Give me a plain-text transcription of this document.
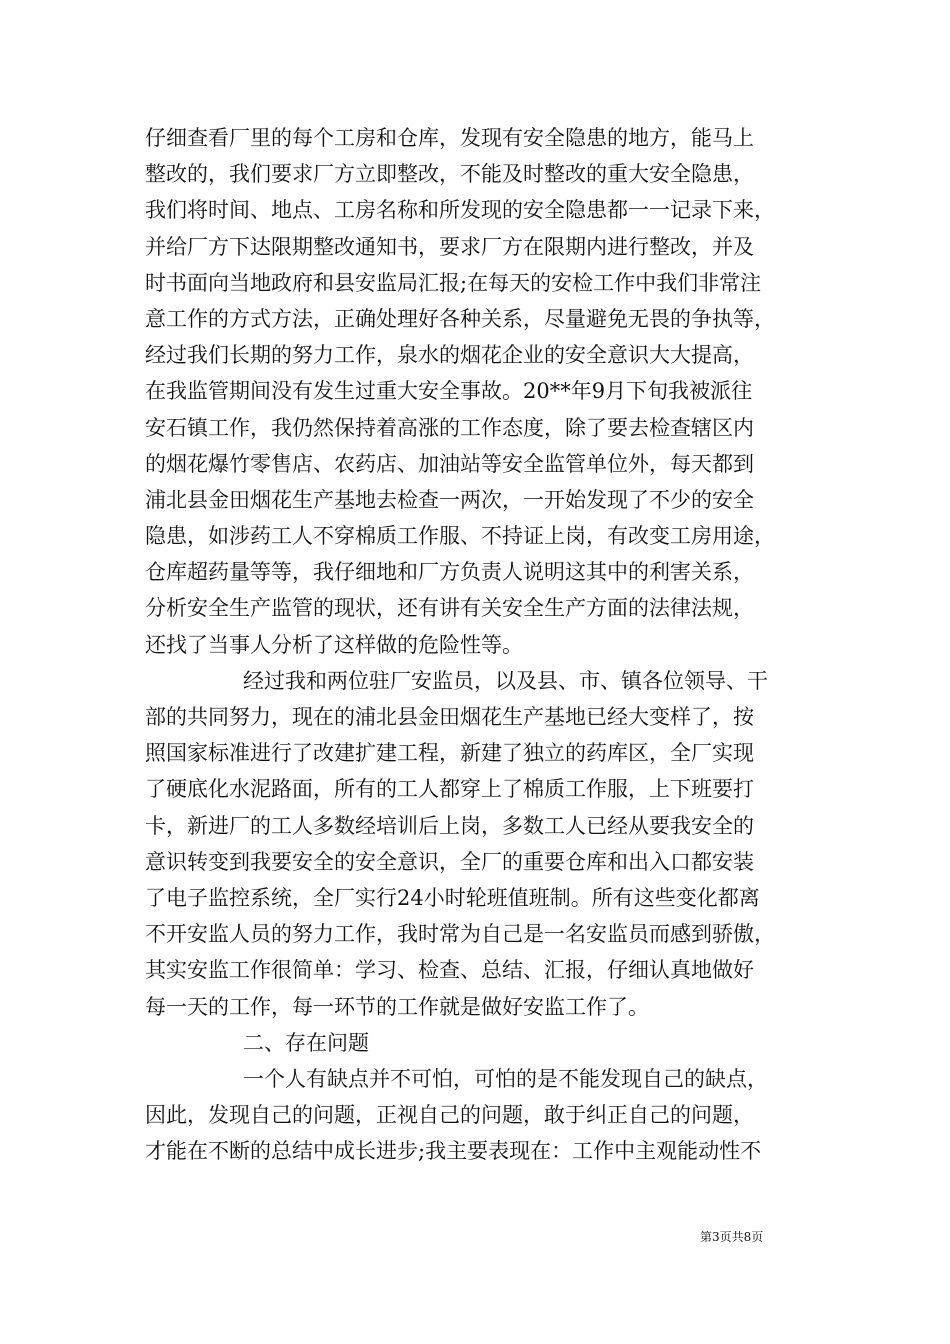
仔细查看厂里的每个工房和仓库，发现有安全隐患的地方，能马上
整改的，我们要求厂方立即整改，不能及时整改的重大安全隐患，
我们将时间、地点、工房名称和所发现的安全隐患都一一记录下来，
并给厂方下达限期整改通知书，要求厂方在限期内进行整改，并及
时书面向当地政府和县安监局汇报;在每天的安检工作中我们非常注
意工作的方式方法，正确处理好各种关系，尽量避免无畏的争执等，
经过我们长期的努力工作，泉水的烟花企业的安全意识大大提高，
在我监管期间没有发生过重大安全事故。20**年9月下旬我被派往
安石镇工作，我仍然保持着高涨的工作态度，除了要去检查辖区内
的烟花爆竹零售店、农药店、加油站等安全监管单位外，每天都到
浦北县金田烟花生产基地去检查一两次，一开始发现了不少的安全
隐患，如涉药工人不穿棉质工作服、不持证上岗，有改变工房用途，
仓库超药量等等，我仔细地和厂方负责人说明这其中的利害关系，
分析安全生产监管的现状，还有讲有关安全生产方面的法律法规，
还找了当事人分析了这样做的危险性等。
经过我和两位驻厂安监员，以及县、市、镇各位领导、干
部的共同努力，现在的浦北县金田烟花生产基地已经大变样了，按
照国家标准进行了改建扩建工程，新建了独立的药库区，全厂实现
了硬底化水泥路面，所有的工人都穿上了棉质工作服，上下班要打
卡，新进厂的工人多数经培训后上岗，多数工人已经从要我安全的
意识转变到我要安全的安全意识，全厂的重要仓库和出入口都安装
了电子监控系统，全厂实行24小时轮班值班制。所有这些变化都离
不开安监人员的努力工作，我时常为自己是一名安监员而感到骄傲，
其实安监工作很简单：学习、检查、总结、汇报，仔细认真地做好
每一天的工作，每一环节的工作就是做好安监工作了。
二、存在问题
一个人有缺点并不可怕，可怕的是不能发现自己的缺点，
因此，发现自己的问题，正视自己的问题，敢于纠正自己的问题，
才能在不断的总结中成长进步;我主要表现在：工作中主观能动性不
第3页共8页
